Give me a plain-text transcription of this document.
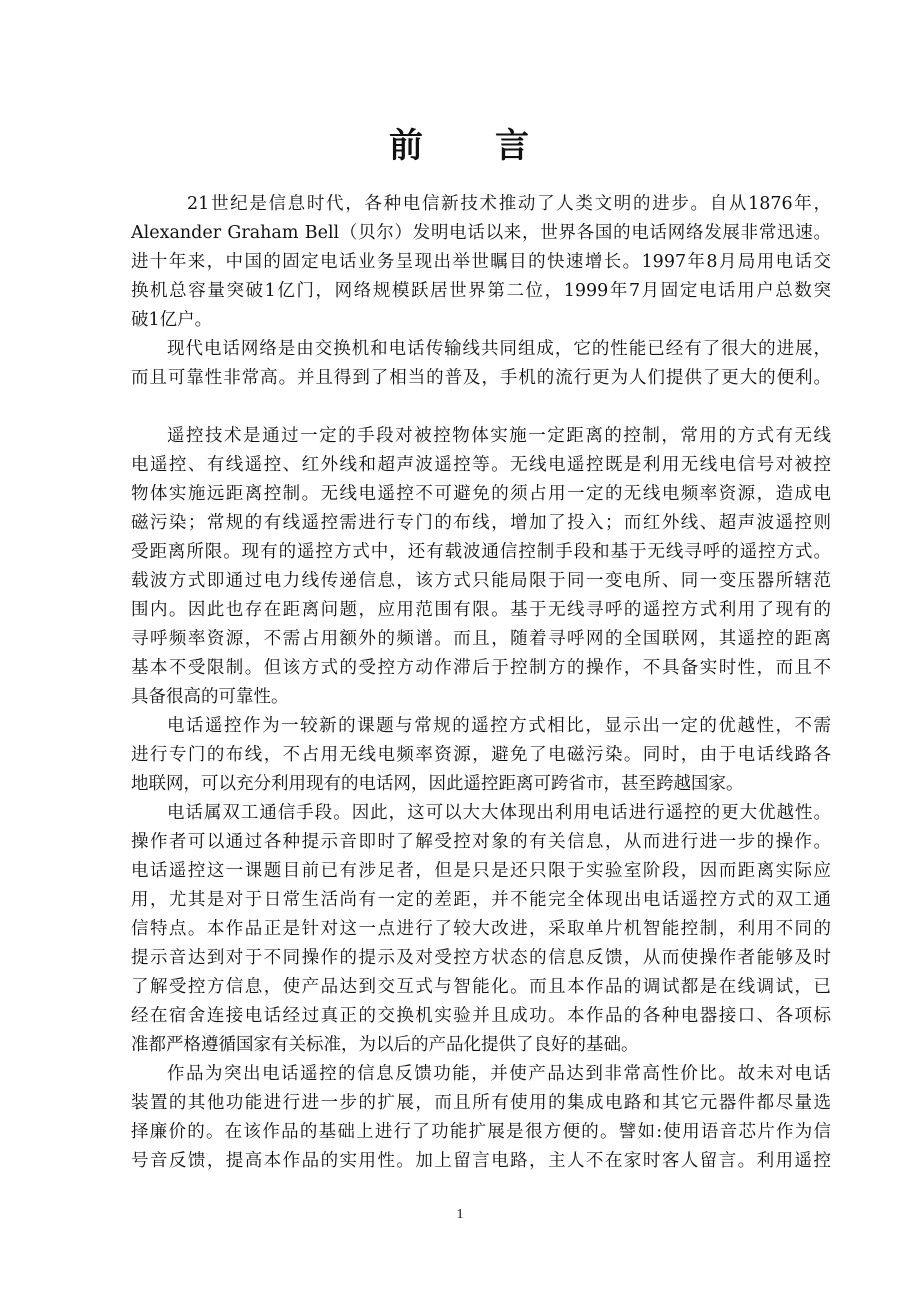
前 言
21世纪是信息时代，各种电信新技术推动了人类文明的进步。自从1876年，
Alexander Graham Bell（贝尔）发明电话以来，世界各国的电话网络发展非常迅速。
进十年来，中国的固定电话业务呈现出举世瞩目的快速增长。1997年8月局用电话交
换机总容量突破1亿门，网络规模跃居世界第二位，1999年7月固定电话用户总数突
破1亿户。
现代电话网络是由交换机和电话传输线共同组成，它的性能已经有了很大的进展，
而且可靠性非常高。并且得到了相当的普及，手机的流行更为人们提供了更大的便利。
遥控技术是通过一定的手段对被控物体实施一定距离的控制，常用的方式有无线
电遥控、有线遥控、红外线和超声波遥控等。无线电遥控既是利用无线电信号对被控
物体实施远距离控制。无线电遥控不可避免的须占用一定的无线电频率资源，造成电
磁污染；常规的有线遥控需进行专门的布线，增加了投入；而红外线、超声波遥控则
受距离所限。现有的遥控方式中，还有载波通信控制手段和基于无线寻呼的遥控方式。
载波方式即通过电力线传递信息，该方式只能局限于同一变电所、同一变压器所辖范
围内。因此也存在距离问题，应用范围有限。基于无线寻呼的遥控方式利用了现有的
寻呼频率资源，不需占用额外的频谱。而且，随着寻呼网的全国联网，其遥控的距离
基本不受限制。但该方式的受控方动作滞后于控制方的操作，不具备实时性，而且不
具备很高的可靠性。
电话遥控作为一较新的课题与常规的遥控方式相比，显示出一定的优越性，不需
进行专门的布线，不占用无线电频率资源，避免了电磁污染。同时，由于电话线路各
地联网，可以充分利用现有的电话网，因此遥控距离可跨省市，甚至跨越国家。
电话属双工通信手段。因此，这可以大大体现出利用电话进行遥控的更大优越性。
操作者可以通过各种提示音即时了解受控对象的有关信息，从而进行进一步的操作。
电话遥控这一课题目前已有涉足者，但是只是还只限于实验室阶段，因而距离实际应
用，尤其是对于日常生活尚有一定的差距，并不能完全体现出电话遥控方式的双工通
信特点。本作品正是针对这一点进行了较大改进，采取单片机智能控制，利用不同的
提示音达到对于不同操作的提示及对受控方状态的信息反馈，从而使操作者能够及时
了解受控方信息，使产品达到交互式与智能化。而且本作品的调试都是在线调试，已
经在宿舍连接电话经过真正的交换机实验并且成功。本作品的各种电器接口、各项标
准都严格遵循国家有关标准，为以后的产品化提供了良好的基础。
作品为突出电话遥控的信息反馈功能，并使产品达到非常高性价比。故未对电话
装置的其他功能进行进一步的扩展，而且所有使用的集成电路和其它元器件都尽量选
择廉价的。在该作品的基础上进行了功能扩展是很方便的。譬如:使用语音芯片作为信
号音反馈，提高本作品的实用性。加上留言电路，主人不在家时客人留言。利用遥控
1
